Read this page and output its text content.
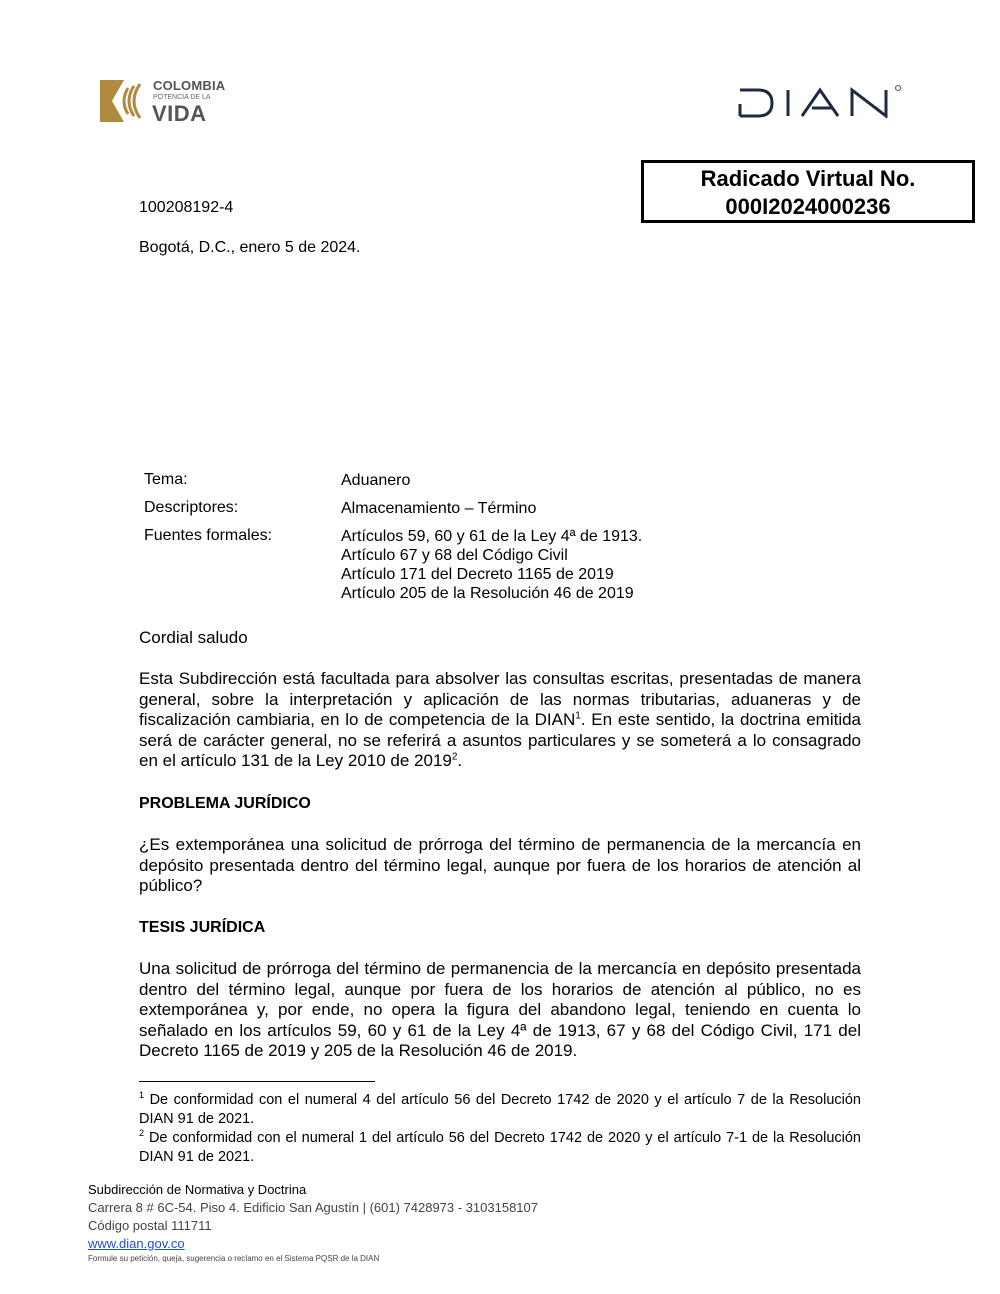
COLOMBIA
POTENCIA DE LA
VIDA
Radicado Virtual No.
000I2024000236
100208192-4
Bogotá, D.C., enero 5 de 2024.
Tema:	Aduanero
Descriptores:	Almacenamiento – Término
Fuentes formales:	Artículos 59, 60 y 61 de la Ley 4ª de 1913.
Artículo 67 y 68 del Código Civil
Artículo 171 del Decreto 1165 de 2019
Artículo 205 de la Resolución 46 de 2019
Cordial saludo
Esta Subdirección está facultada para absolver las consultas escritas, presentadas de manera general, sobre la interpretación y aplicación de las normas tributarias, aduaneras y de fiscalización cambiaria, en lo de competencia de la DIAN$^1$. En este sentido, la doctrina emitida será de carácter general, no se referirá a asuntos particulares y se someterá a lo consagrado en el artículo 131 de la Ley 2010 de 2019$^2$.
PROBLEMA JURÍDICO
¿Es extemporánea una solicitud de prórroga del término de permanencia de la mercancía en depósito presentada dentro del término legal, aunque por fuera de los horarios de atención al público?
TESIS JURÍDICA
Una solicitud de prórroga del término de permanencia de la mercancía en depósito presentada dentro del término legal, aunque por fuera de los horarios de atención al público, no es extemporánea y, por ende, no opera la figura del abandono legal, teniendo en cuenta lo señalado en los artículos 59, 60 y 61 de la Ley 4ª de 1913, 67 y 68 del Código Civil, 171 del Decreto 1165 de 2019 y 205 de la Resolución 46 de 2019.
$^1$ De conformidad con el numeral 4 del artículo 56 del Decreto 1742 de 2020 y el artículo 7 de la Resolución DIAN 91 de 2021.
$^2$ De conformidad con el numeral 1 del artículo 56 del Decreto 1742 de 2020 y el artículo 7-1 de la Resolución DIAN 91 de 2021.
Subdirección de Normativa y Doctrina
Carrera 8 # 6C-54. Piso 4. Edificio San Agustín | (601) 7428973 - 3103158107
Código postal 111711
www.dian.gov.co
Formule su petición, queja, sugerencia o reclamo en el Sistema PQSR de la DIAN
